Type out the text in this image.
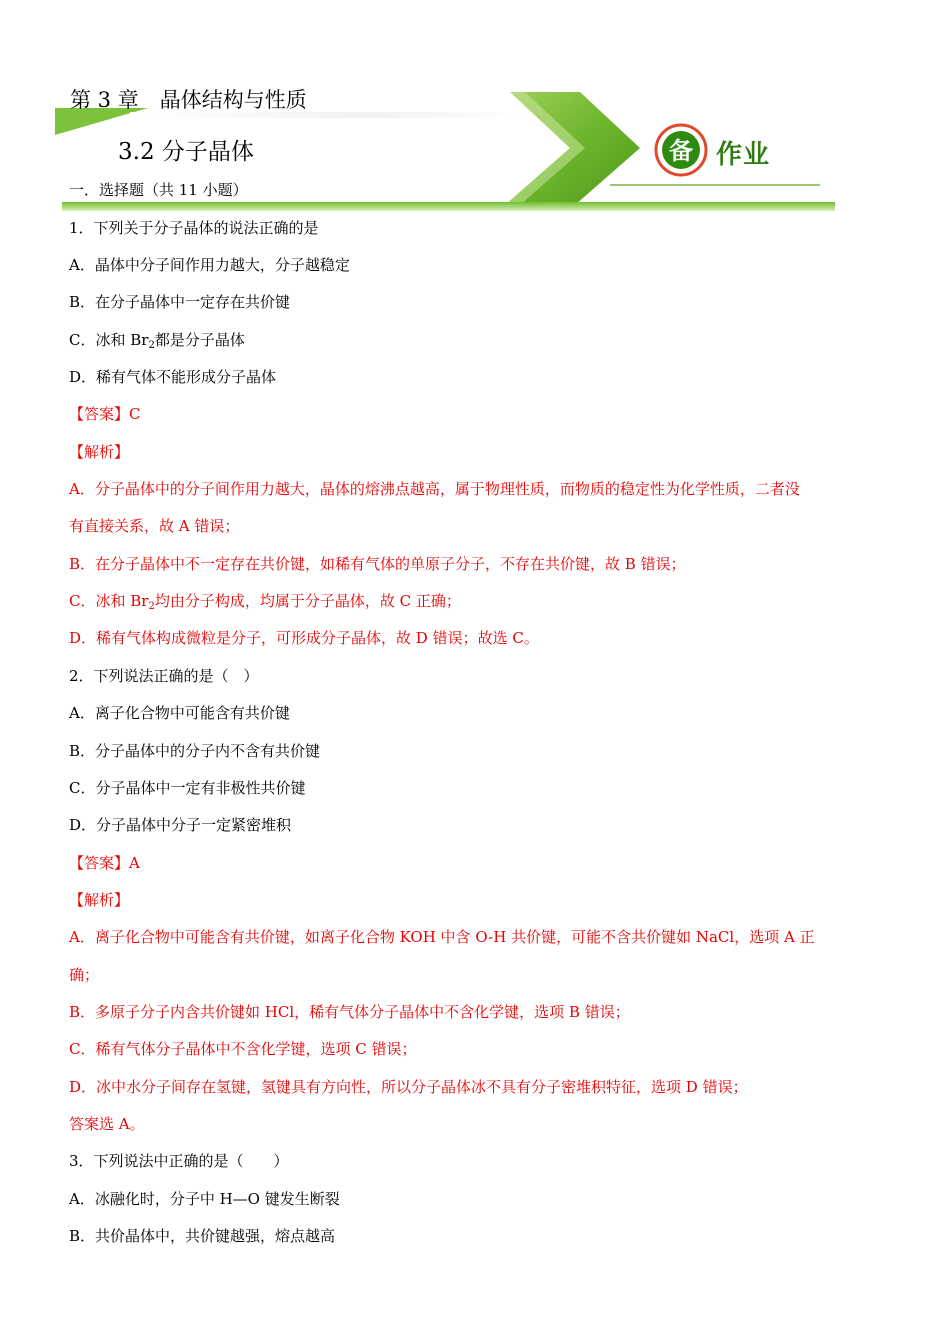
第 3 章　晶体结构与性质
3.2 分子晶体	备 作业
一．选择题（共 11 小题）
1．下列关于分子晶体的说法正确的是
A．晶体中分子间作用力越大，分子越稳定
B．在分子晶体中一定存在共价键
C．冰和 $Br_2$都是分子晶体
D．稀有气体不能形成分子晶体
【答案】C
【解析】
A．分子晶体中的分子间作用力越大，晶体的熔沸点越高，属于物理性质，而物质的稳定性为化学性质，二者没
有直接关系，故 A 错误；
B．在分子晶体中不一定存在共价键，如稀有气体的单原子分子，不存在共价键，故 B 错误；
C．冰和 $Br_2$均由分子构成，均属于分子晶体，故 C 正确；
D．稀有气体构成微粒是分子，可形成分子晶体，故 D 错误；故选 C。
2．下列说法正确的是（　）
A．离子化合物中可能含有共价键
B．分子晶体中的分子内不含有共价键
C．分子晶体中一定有非极性共价键
D．分子晶体中分子一定紧密堆积
【答案】A
【解析】
A．离子化合物中可能含有共价键，如离子化合物 KOH 中含 O-H 共价键，可能不含共价键如 NaCl，选项 A 正
确；
B．多原子分子内含共价键如 HCl，稀有气体分子晶体中不含化学键，选项 B 错误；
C．稀有气体分子晶体中不含化学键，选项 C 错误；
D．冰中水分子间存在氢键，氢键具有方向性，所以分子晶体冰不具有分子密堆积特征，选项 D 错误；
答案选 A。
3．下列说法中正确的是（　　）
A．冰融化时，分子中 H—O 键发生断裂
B．共价晶体中，共价键越强，熔点越高
